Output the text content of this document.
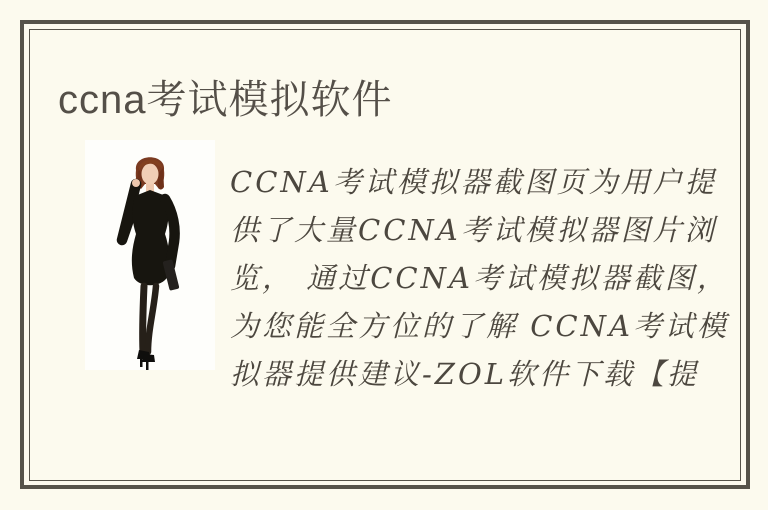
ccna考试模拟软件
CCNA考试模拟器截图页为用户提
供了大量CCNA考试模拟器图片浏
览， 通过CCNA考试模拟器截图，
为您能全方位的了解 CCNA考试模
拟器提供建议-ZOL软件下载【提
